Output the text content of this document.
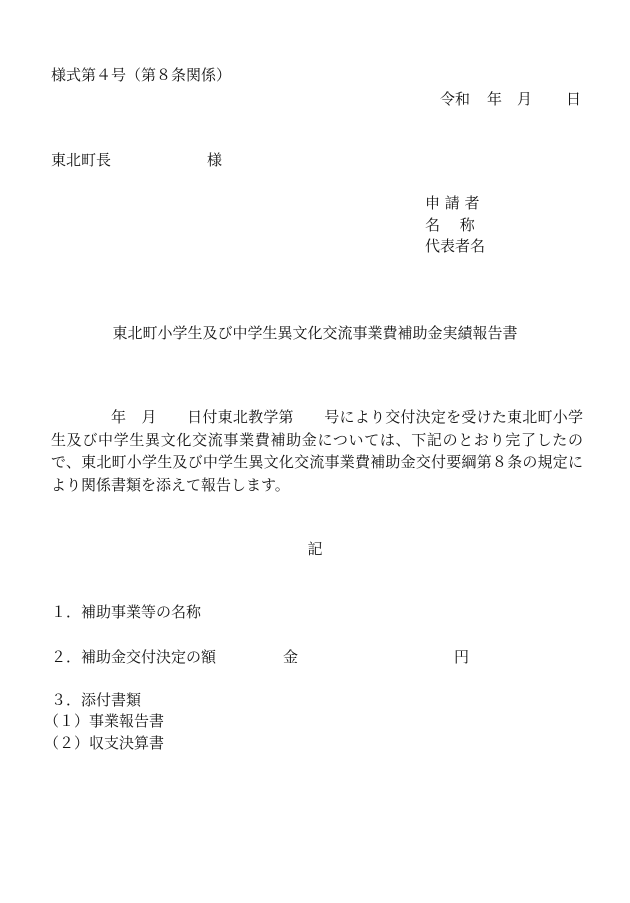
様式第４号（第８条関係）
令和 年 月 日
東北町長	様
申 請 者
名　 称
代表者名
東北町小学生及び中学生異文化交流事業費補助金実績報告書
年　月　　日付東北教学第　　号により交付決定を受けた東北町小学生及び中学生異文化交流事業費補助金については、下記のとおり完了したので、東北町小学生及び中学生異文化交流事業費補助金交付要綱第８条の規定により関係書類を添えて報告します。
記
１．補助事業等の名称
２．補助金交付決定の額	金	円
３．添付書類
（１）事業報告書
（２）収支決算書
